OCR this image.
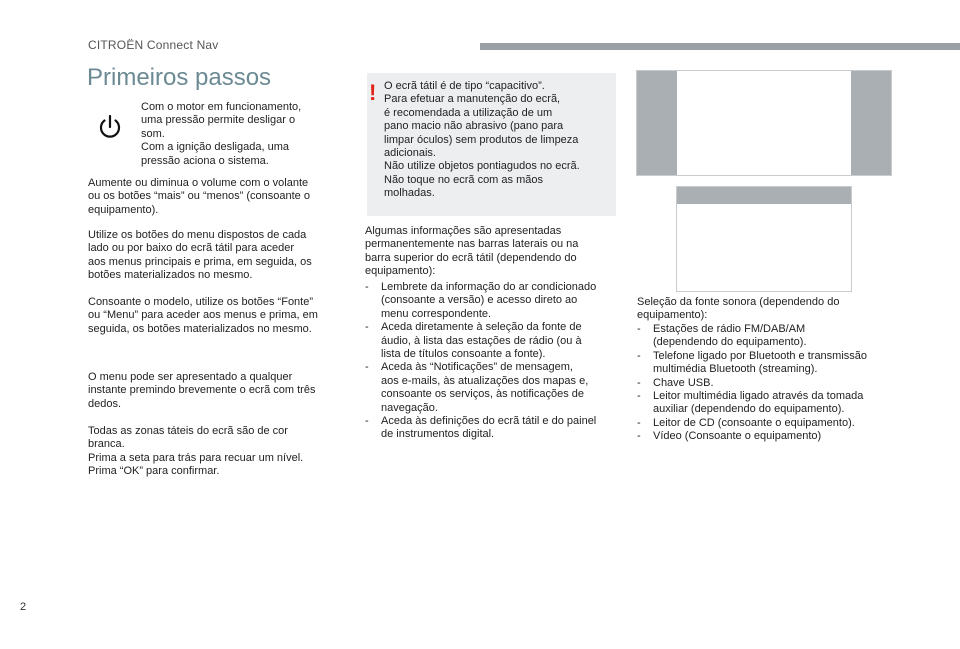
CITROËN Connect Nav
Primeiros passos

Com o motor em funcionamento,
uma pressão permite desligar o
som.
Com a ignição desligada, uma
pressão aciona o sistema.

Aumente ou diminua o volume com o volante
ou os botões “mais” ou “menos” (consoante o
equipamento).

Utilize os botões do menu dispostos de cada
lado ou por baixo do ecrã tátil para aceder
aos menus principais e prima, em seguida, os
botões materializados no mesmo.

Consoante o modelo, utilize os botões “Fonte”
ou “Menu” para aceder aos menus e prima, em
seguida, os botões materializados no mesmo.

O menu pode ser apresentado a qualquer
instante premindo brevemente o ecrã com três
dedos.

Todas as zonas táteis do ecrã são de cor
branca.
Prima a seta para trás para recuar um nível.
Prima “OK” para confirmar.

! O ecrã tátil é de tipo “capacitivo”.
Para efetuar a manutenção do ecrã,
é recomendada a utilização de um
pano macio não abrasivo (pano para
limpar óculos) sem produtos de limpeza
adicionais.
Não utilize objetos pontiagudos no ecrã.
Não toque no ecrã com as mãos
molhadas.

Algumas informações são apresentadas
permanentemente nas barras laterais ou na
barra superior do ecrã tátil (dependendo do
equipamento):

- Lembrete da informação do ar condicionado
(consoante a versão) e acesso direto ao
menu correspondente.
- Aceda diretamente à seleção da fonte de
áudio, à lista das estações de rádio (ou à
lista de títulos consoante a fonte).
- Aceda às “Notificações” de mensagem,
aos e-mails, às atualizações dos mapas e,
consoante os serviços, às notificações de
navegação.
- Aceda às definições do ecrã tátil e do painel
de instrumentos digital.

Seleção da fonte sonora (dependendo do
equipamento):

- Estações de rádio FM/DAB/AM
(dependendo do equipamento).
- Telefone ligado por Bluetooth e transmissão
multimédia Bluetooth (streaming).
- Chave USB.
- Leitor multimédia ligado através da tomada
auxiliar (dependendo do equipamento).
- Leitor de CD (consoante o equipamento).
- Vídeo (Consoante o equipamento)
2
